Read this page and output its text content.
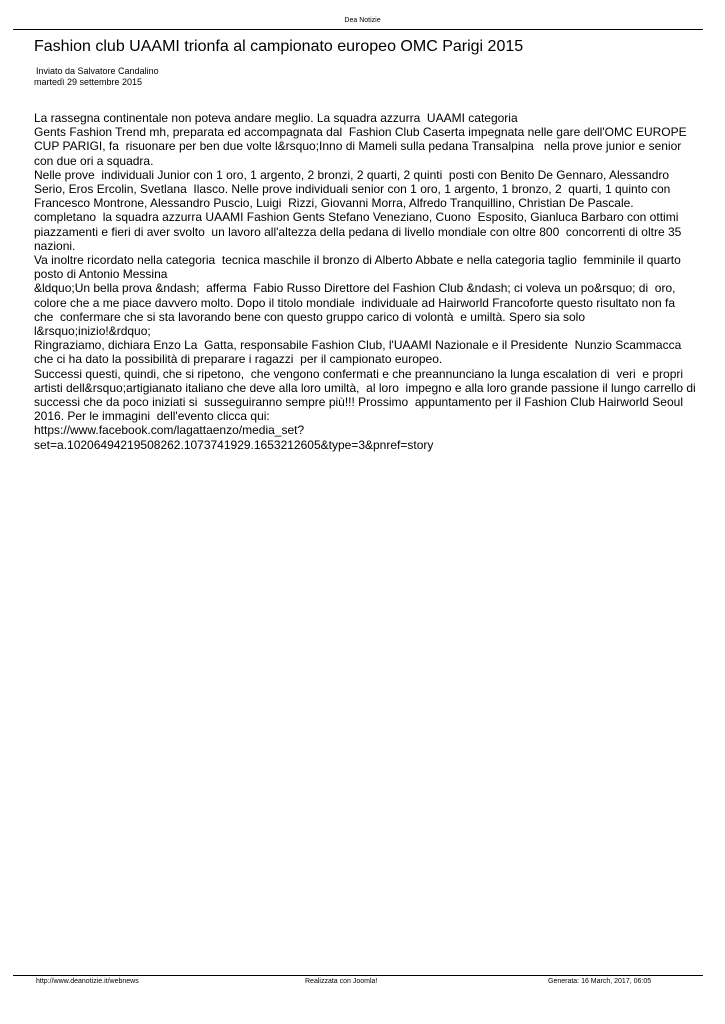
Dea Notizie
Fashion club UAAMI trionfa al campionato europeo OMC Parigi 2015
Inviato da Salvatore Candalino
martedì 29 settembre 2015

La rassegna continentale non poteva andare meglio. La squadra azzurra  UAAMI categoria
Gents Fashion Trend mh, preparata ed accompagnata dal  Fashion Club Caserta impegnata nelle gare dell'OMC EUROPE CUP PARIGI, fa  risuonare per ben due volte l&rsquo;Inno di Mameli sulla pedana Transalpina   nella prove junior e senior con due ori a squadra.

Nelle prove  individuali Junior con 1 oro, 1 argento, 2 bronzi, 2 quarti, 2 quinti  posti con Benito De Gennaro, Alessandro Serio, Eros Ercolin, Svetlana  Ilasco. Nelle prove individuali senior con 1 oro, 1 argento, 1 bronzo, 2  quarti, 1 quinto con Francesco Montrone, Alessandro Puscio, Luigi  Rizzi, Giovanni Morra, Alfredo Tranquillino, Christian De Pascale. completano  la squadra azzurra UAAMI Fashion Gents Stefano Veneziano, Cuono  Esposito, Gianluca Barbaro con ottimi piazzamenti e fieri di aver svolto  un lavoro all'altezza della pedana di livello mondiale con oltre 800  concorrenti di oltre 35 nazioni.

Va inoltre ricordato nella categoria  tecnica maschile il bronzo di Alberto Abbate e nella categoria taglio  femminile il quarto  posto di Antonio Messina

&ldquo;Un bella prova &ndash;  afferma  Fabio Russo Direttore del Fashion Club &ndash; ci voleva un po&rsquo; di  oro, colore che a me piace davvero molto. Dopo il titolo mondiale  individuale ad Hairworld Francoforte questo risultato non fa che  confermare che si sta lavorando bene con questo gruppo carico di volontà  e umiltà. Spero sia solo l&rsquo;inizio!&rdquo;

Ringraziamo, dichiara Enzo La  Gatta, responsabile Fashion Club, l'UAAMI Nazionale e il Presidente  Nunzio Scammacca che ci ha dato la possibilità di preparare i ragazzi  per il campionato europeo.

Successi questi, quindi, che si ripetono,  che vengono confermati e che preannunciano la lunga escalation di  veri  e propri artisti dell&rsquo;artigianato italiano che deve alla loro umiltà,  al loro  impegno e alla loro grande passione il lungo carrello di  successi che da poco iniziati si  susseguiranno sempre più!!! Prossimo  appuntamento per il Fashion Club Hairworld Seoul 2016. Per le immagini  dell'evento clicca qui:

https://www.facebook.com/lagattaenzo/media_set?set=a.10206494219508262.1073741929.1653212605&type=3&pnref=story

http://www.deanotizie.it/webnews	Realizzata con Joomla!	Generata: 16 March, 2017, 06:05
